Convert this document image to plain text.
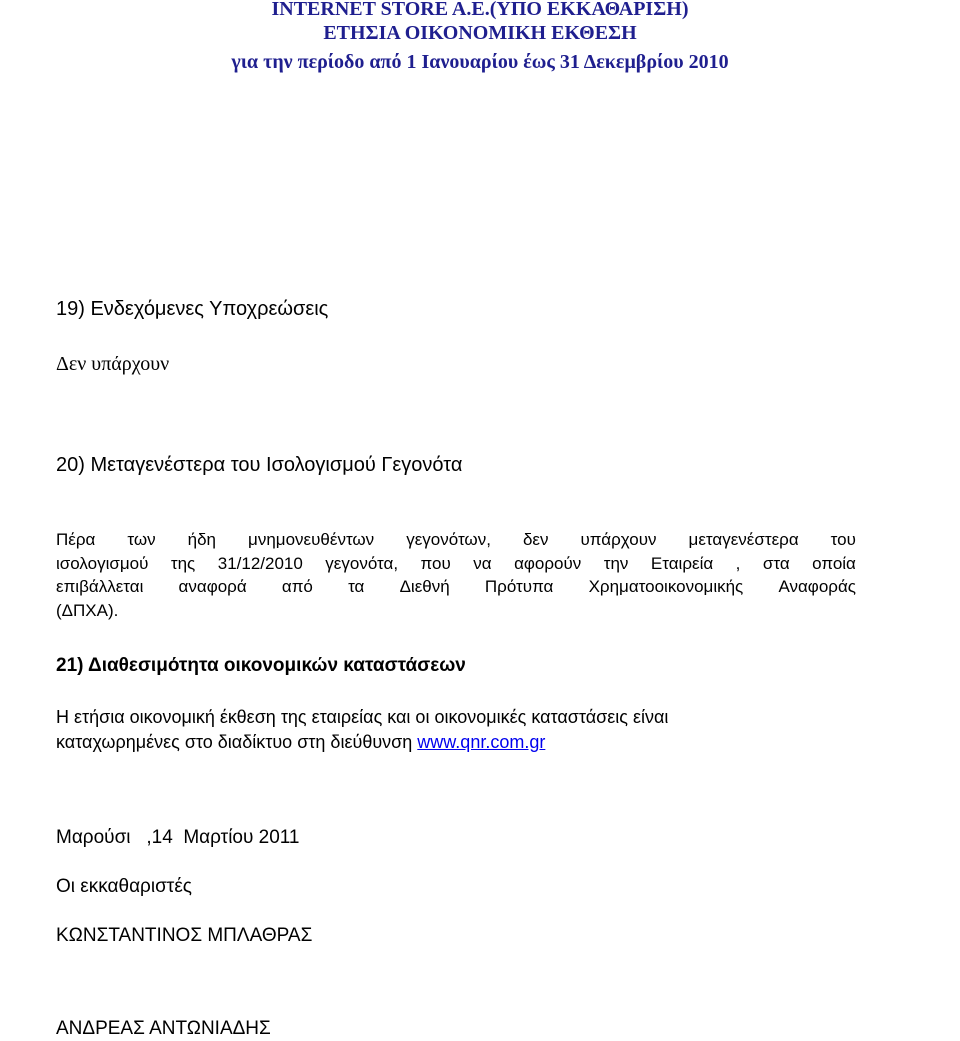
INTERNET STORE A.E.(ΥΠΟ ΕΚΚΑΘΑΡΙΣΗ)
ΕΤΗΣΙΑ ΟΙΚΟΝΟΜΙΚΗ ΕΚΘΕΣΗ
για την περίοδο από 1 Ιανουαρίου έως 31 Δεκεμβρίου 2010
19) Ενδεχόμενες Υποχρεώσεις
Δεν υπάρχουν
20) Μεταγενέστερα του Ισολογισμού Γεγονότα
Πέρα των ήδη μνημονευθέντων γεγονότων, δεν υπάρχουν μεταγενέστερα του
ισολογισμού της 31/12/2010 γεγονότα, που να αφορούν την Εταιρεία , στα οποία
επιβάλλεται αναφορά από τα Διεθνή Πρότυπα Χρηματοοικονομικής Αναφοράς
(ΔΠΧΑ).
21) Διαθεσιμότητα οικονομικών καταστάσεων
Η ετήσια οικονομική έκθεση της εταιρείας και οι οικονομικές καταστάσεις είναι
καταχωρημένες στο διαδίκτυο στη διεύθυνση www.qnr.com.gr
Μαρούσι   ,14  Μαρτίου 2011
Οι εκκαθαριστές
ΚΩΝΣΤΑΝΤΙΝΟΣ ΜΠΛΑΘΡΑΣ
ΑΝΔΡΕΑΣ ΑΝΤΩΝΙΑΔΗΣ
